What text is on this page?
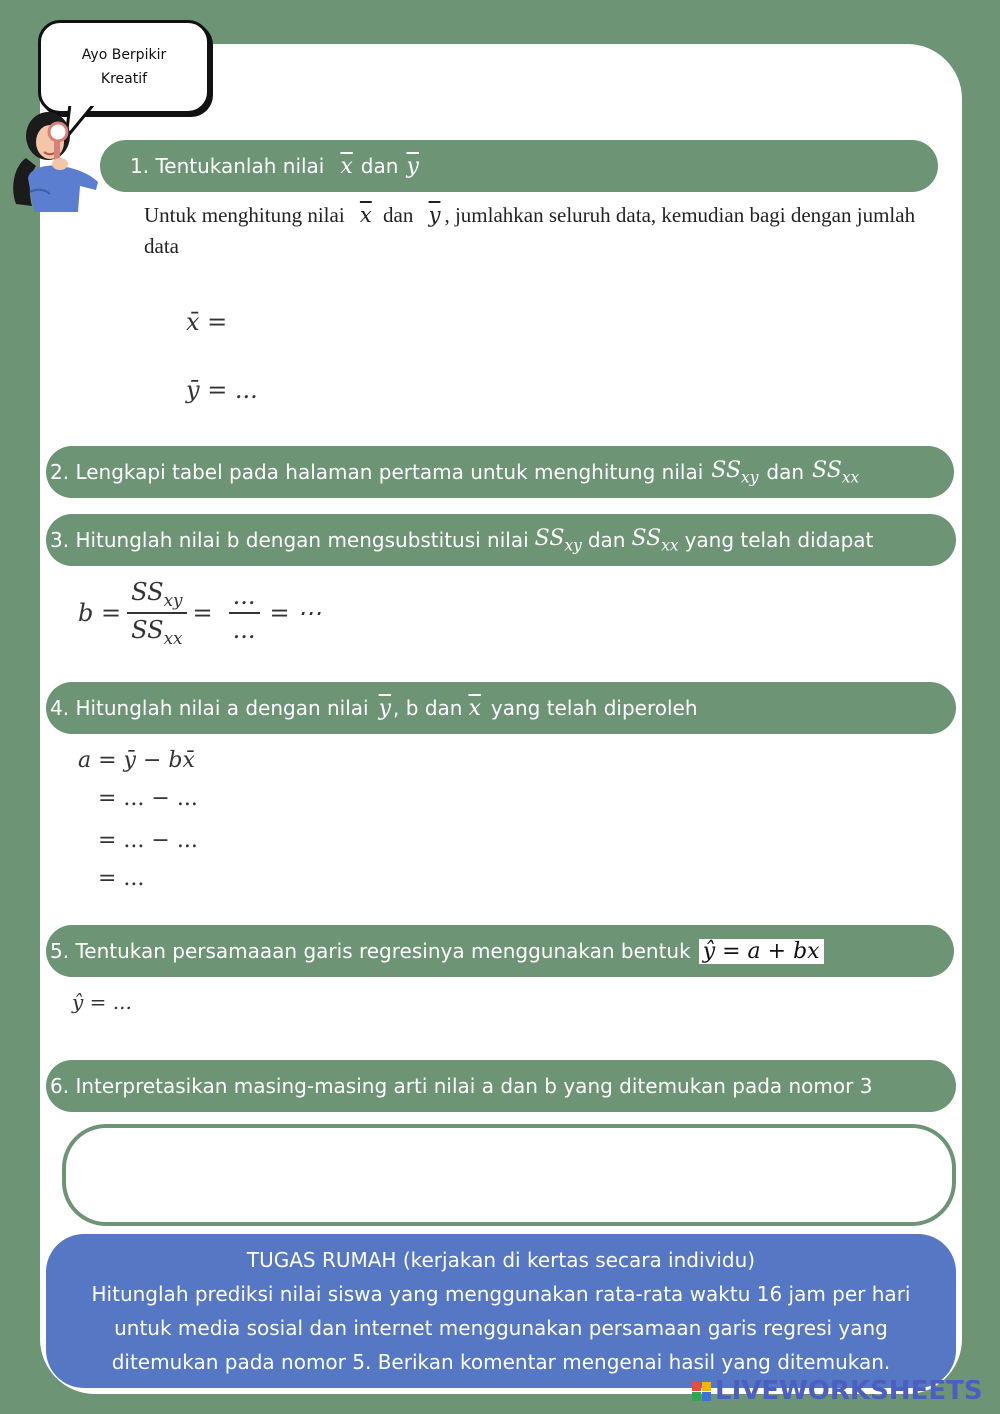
Ayo Berpikir
Kreatif
1. Tentukanlah nilai $\overline{x}$ dan $\overline{y}$
Untuk menghitung nilai $\overline{x}$ dan $\overline{y}$ , jumlahkan seluruh data, kemudian bagi dengan jumlah data
x̄ =
ȳ = ...
2. Lengkapi tabel pada halaman pertama untuk menghitung nilai $SS_{xy}$ dan $SS_{xx}$
3. Hitunglah nilai b dengan mengsubstitusi nilai $SS_{xy}$ dan $SS_{xx}$ yang telah didapat
$b = \frac{SS_{xy}}{SS_{xx}} = \frac{...}{...}$ = ⋯
4. Hitunglah nilai a dengan nilai $\overline{y}$ , b dan $\overline{x}$ yang telah diperoleh
a = ȳ − bx̄
= ... − ...
= ... − ...
= ...
5. Tentukan persamaaan garis regresinya menggunakan bentuk ŷ = a + bx
ŷ = ...
6. Interpretasikan masing-masing arti nilai a dan b yang ditemukan pada nomor 3
TUGAS RUMAH (kerjakan di kertas secara individu)
Hitunglah prediksi nilai siswa yang menggunakan rata-rata waktu 16 jam per hari
untuk media sosial dan internet menggunakan persamaan garis regresi yang
ditemukan pada nomor 5. Berikan komentar mengenai hasil yang ditemukan.
LIVEWORKSHEETS
